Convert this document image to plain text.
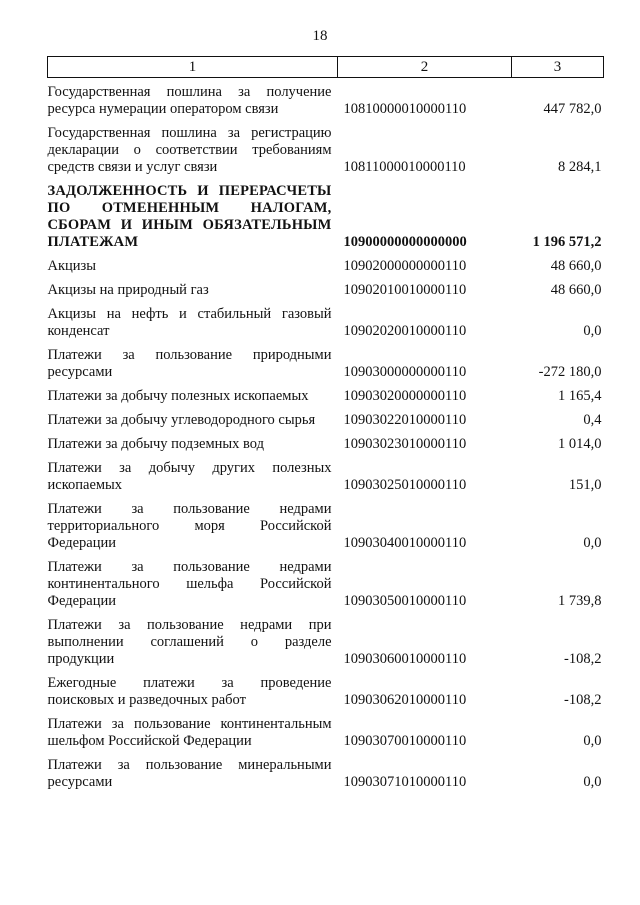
18
1	2	3
Государственная пошлина за получение ресурса нумерации оператором связи	1081000001000011​0	447 782,0
Государственная пошлина за регистрацию декларации о соответствии требованиям средств связи и услуг связи	10811000010000110	8 284,1
ЗАДОЛЖЕННОСТЬ И ПЕРЕРАСЧЕТЫ ПО ОТМЕНЕННЫМ НАЛОГАМ, СБОРАМ И ИНЫМ ОБЯЗАТЕЛЬНЫМ ПЛАТЕЖАМ	10900000000000000	1 196 571,2
Акцизы	10902000000000110	48 660,0
Акцизы на природный газ	10902010010000110	48 660,0
Акцизы на нефть и стабильный газовый конденсат	10902020010000110	0,0
Платежи за пользование природными ресурсами	10903000000000110	-272 180,0
Платежи за добычу полезных ископаемых	10903020000000110	1 165,4
Платежи за добычу углеводородного сырья	10903022010000110	0,4
Платежи за добычу подземных вод	10903023010000110	1 014,0
Платежи за добычу других полезных ископаемых	10903025010000110	151,0
Платежи за пользование недрами территориального моря Российской Федерации	10903040010000110	0,0
Платежи за пользование недрами континентального шельфа Российской Федерации	10903050010000110	1 739,8
Платежи за пользование недрами при выполнении соглашений о разделе продукции	10903060010000110	-108,2
Ежегодные платежи за проведение поисковых и разведочных работ	10903062010000110	-108,2
Платежи за пользование континентальным шельфом Российской Федерации	10903070010000110	0,0
Платежи за пользование минеральными ресурсами	10903071010000110	0,0
